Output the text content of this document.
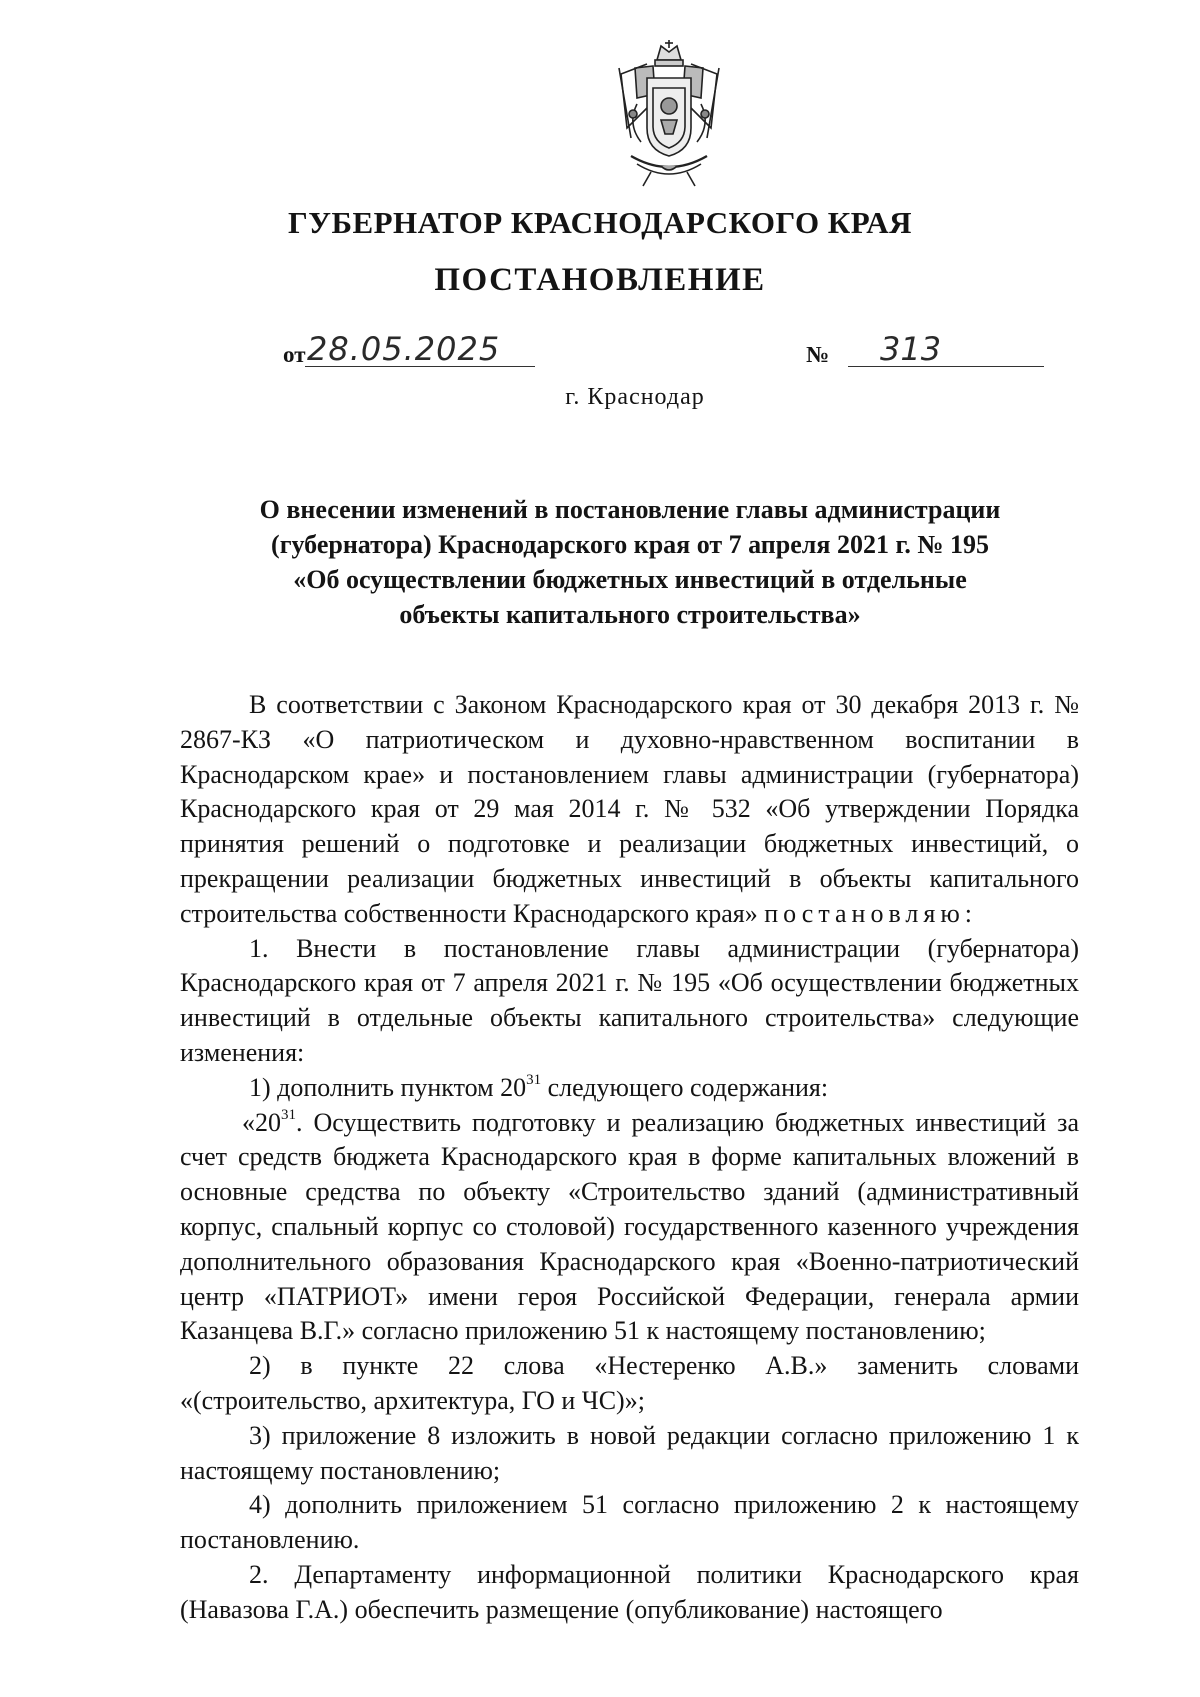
ГУБЕРНАТОР КРАСНОДАРСКОГО КРАЯ
ПОСТАНОВЛЕНИЕ
от 28.05.2025	№ 313
г. Краснодар
О внесении изменений в постановление главы администрации
(губернатора) Краснодарского края от 7 апреля 2021 г. № 195
«Об осуществлении бюджетных инвестиций в отдельные
объекты капитального строительства»

В соответствии с Законом Краснодарского края от 30 декабря 2013 г. № 2867-КЗ «О патриотическом и духовно-нравственном воспитании в Краснодарском крае» и постановлением главы администрации (губернатора) Краснодарского края от 29 мая 2014 г. № 532 «Об утверждении Порядка принятия решений о подготовке и реализации бюджетных инвестиций, о прекращении реализации бюджетных инвестиций в объекты капитального строительства собственности Краснодарского края» постановляю:

1. Внести в постановление главы администрации (губернатора) Краснодарского края от 7 апреля 2021 г. № 195 «Об осуществлении бюджетных инвестиций в отдельные объекты капитального строительства» следующие изменения:

1) дополнить пунктом $20^{31}$ следующего содержания:

«$20^{31}$. Осуществить подготовку и реализацию бюджетных инвестиций за счет средств бюджета Краснодарского края в форме капитальных вложений в основные средства по объекту «Строительство зданий (административный корпус, спальный корпус со столовой) государственного казенного учреждения дополнительного образования Краснодарского края «Военно-патриотический центр «ПАТРИОТ» имени героя Российской Федерации, генерала армии Казанцева В.Г.» согласно приложению 51 к настоящему постановлению;

2) в пункте 22 слова «Нестеренко А.В.» заменить словами «(строительство, архитектура, ГО и ЧС)»;

3) приложение 8 изложить в новой редакции согласно приложению 1 к настоящему постановлению;

4) дополнить приложением 51 согласно приложению 2 к настоящему постановлению.

2. Департаменту информационной политики Краснодарского края (Навазова Г.А.) обеспечить размещение (опубликование) настоящего
